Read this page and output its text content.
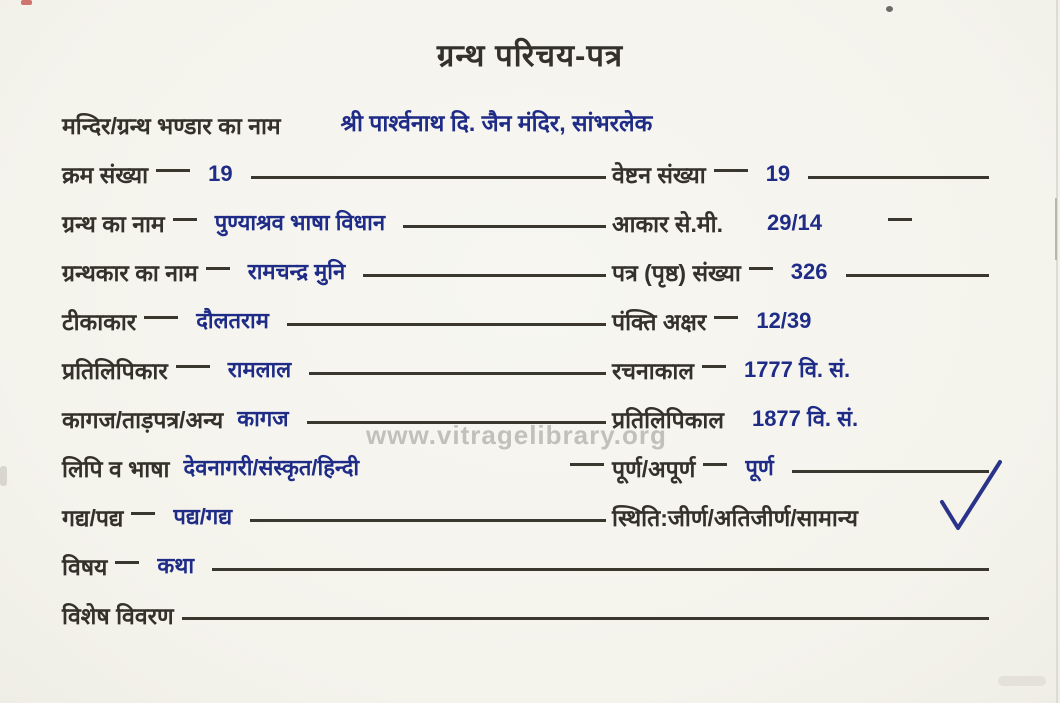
ग्रन्थ परिचय-पत्र
मन्दिर/ग्रन्थ भण्डार का नाम	श्री पार्श्वनाथ दि. जैन मंदिर, सांभरलेक
क्रम संख्या	19	वेष्टन संख्या	19
ग्रन्थ का नाम पुण्याश्रव भाषा विधान	आकार से.मी. 29/14
ग्रन्थकार का नाम रामचन्द्र मुनि	पत्र (पृष्ठ) संख्या 326
टीकाकार	दौलतराम	पंक्ति अक्षर 12/39
प्रतिलिपिकार	रामलाल	रचनाकाल 1777 वि. सं.
कागज/ताड़पत्र/अन्य कागज	प्रतिलिपिकाल 1877 वि. सं.
लिपि व भाषा देवनागरी/संस्कृत/हिन्दी	पूर्ण/अपूर्ण पूर्ण
गद्य/पद्य पद्य/गद्य	स्थिति:जीर्ण/अतिजीर्ण/सामान्य
विषय कथा
विशेष विवरण
www.vitragelibrary.org
